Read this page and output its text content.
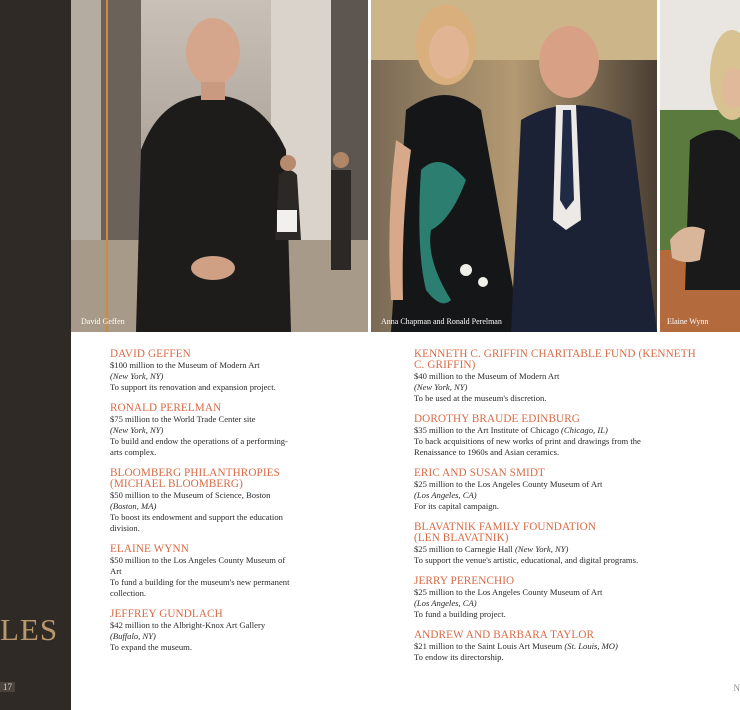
LES
17
David Geffen	Anna Chapman and Ronald Perelman	Elaine Wynn
DAVID GEFFEN
$100 million to the Museum of Modern Art
(New York, NY)
To support its renovation and expansion project.
RONALD PERELMAN
$75 million to the World Trade Center site
(New York, NY)
To build and endow the operations of a performing-
arts complex.
BLOOMBERG PHILANTHROPIES
(MICHAEL BLOOMBERG)
$50 million to the Museum of Science, Boston
(Boston, MA)
To boost its endowment and support the education
division.
ELAINE WYNN
$50 million to the Los Angeles County Museum of
Art
To fund a building for the museum's new permanent
collection.
JEFFREY GUNDLACH
$42 million to the Albright-Knox Art Gallery
(Buffalo, NY)
To expand the museum.
KENNETH C. GRIFFIN CHARITABLE FUND (KENNETH
C. GRIFFIN)
$40 million to the Museum of Modern Art
(New York, NY)
To be used at the museum's discretion.
DOROTHY BRAUDE EDINBURG
$35 million to the Art Institute of Chicago (Chicago, IL)
To back acquisitions of new works of print and drawings from the
Renaissance to 1960s and Asian ceramics.
ERIC AND SUSAN SMIDT
$25 million to the Los Angeles County Museum of Art
(Los Angeles, CA)
For its capital campaign.
BLAVATNIK FAMILY FOUNDATION
(LEN BLAVATNIK)
$25 million to Carnegie Hall (New York, NY)
To support the venue's artistic, educational, and digital programs.
JERRY PERENCHIO
$25 million to the Los Angeles County Museum of Art
(Los Angeles, CA)
To fund a building project.
ANDREW AND BARBARA TAYLOR
$21 million to the Saint Louis Art Museum (St. Louis, MO)
To endow its directorship.
N
